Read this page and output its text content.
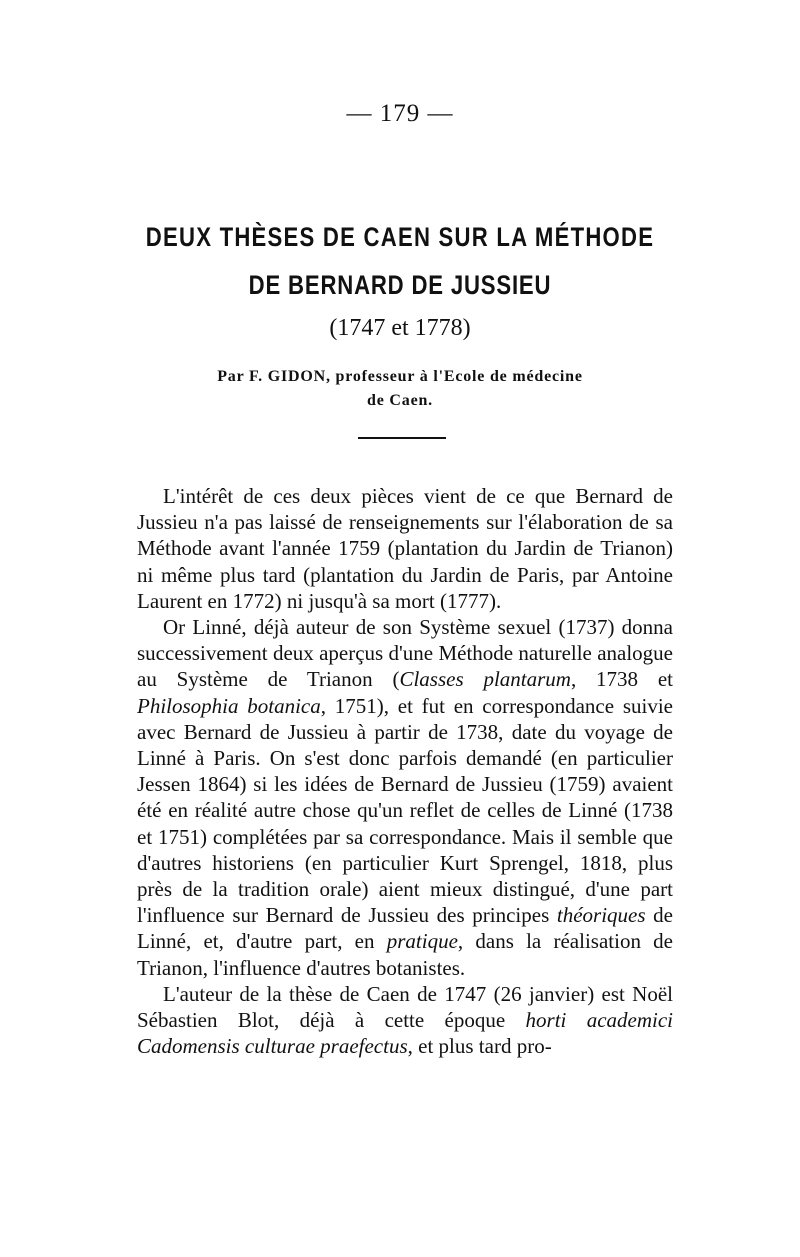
— 179 —
DEUX THÈSES DE CAEN SUR LA MÉTHODE
DE BERNARD DE JUSSIEU
(1747 et 1778)
Par F. GIDON, professeur à l'Ecole de médecine
de Caen.

L'intérêt de ces deux pièces vient de ce que Bernard de Jussieu n'a pas laissé de renseignements sur l'élaboration de sa Méthode avant l'année 1759 (plantation du Jardin de Trianon) ni même plus tard (plantation du Jardin de Paris, par Antoine Laurent en 1772) ni jusqu'à sa mort (1777).

Or Linné, déjà auteur de son Système sexuel (1737) donna successivement deux aperçus d'une Méthode naturelle analogue au Système de Trianon (Classes plantarum, 1738 et Philosophia botanica, 1751), et fut en correspondance suivie avec Bernard de Jussieu à partir de 1738, date du voyage de Linné à Paris. On s'est donc parfois demandé (en particulier Jessen 1864) si les idées de Bernard de Jussieu (1759) avaient été en réalité autre chose qu'un reflet de celles de Linné (1738 et 1751) complétées par sa correspondance. Mais il semble que d'autres historiens (en particulier Kurt Sprengel, 1818, plus près de la tradition orale) aient mieux distingué, d'une part l'influence sur Bernard de Jussieu des principes théoriques de Linné, et, d'autre part, en pratique, dans la réalisation de Trianon, l'influence d'autres botanistes.

L'auteur de la thèse de Caen de 1747 (26 janvier) est Noël Sébastien Blot, déjà à cette époque horti academici Cadomensis culturae praefectus, et plus tard pro-
